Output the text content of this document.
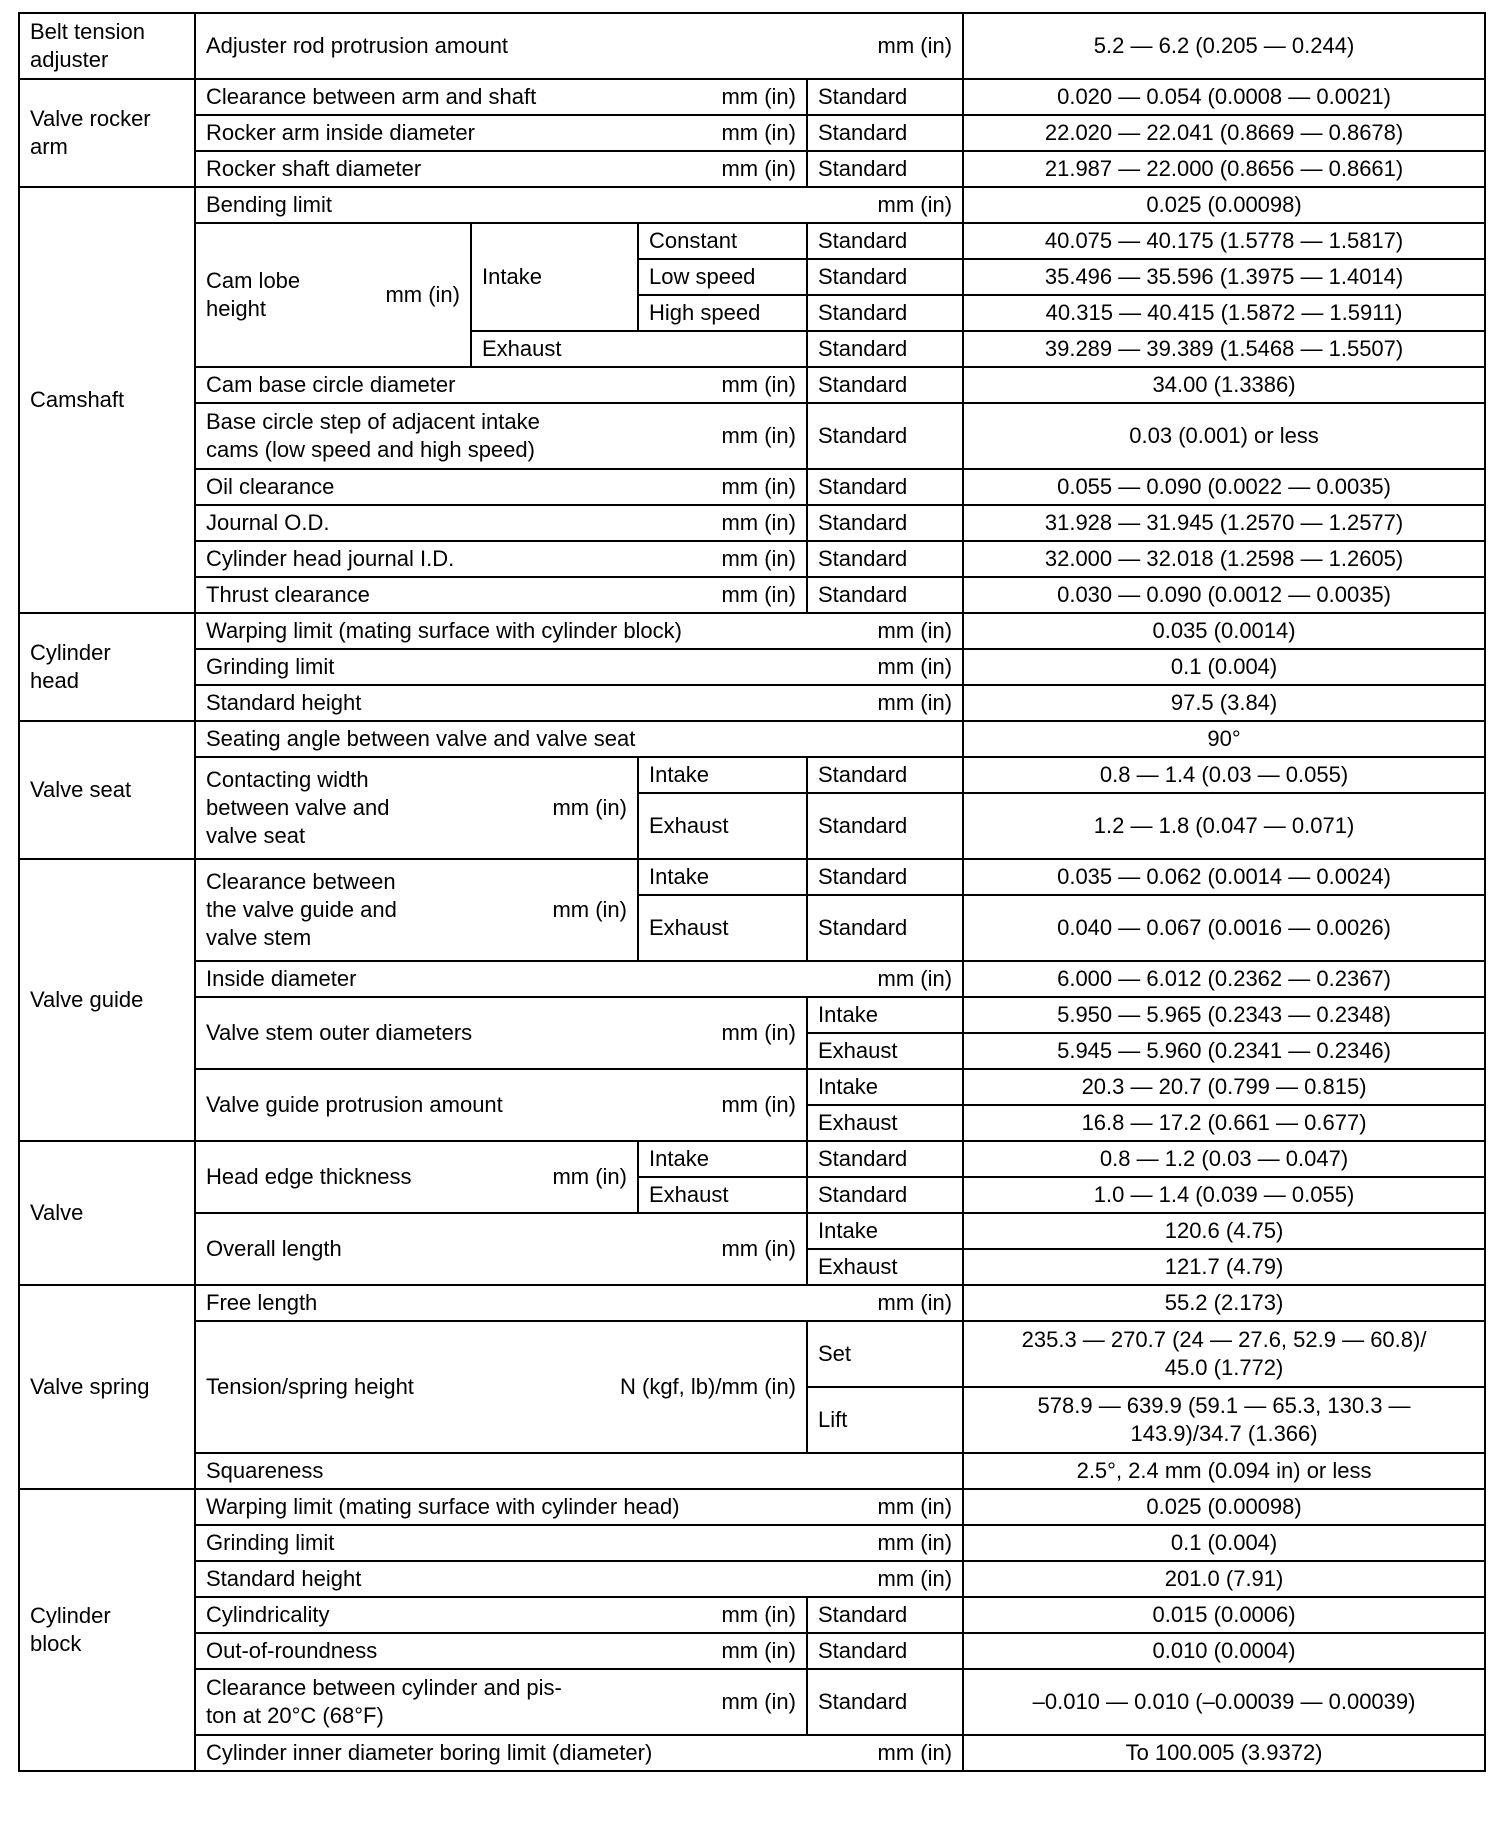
Belt tension
adjuster	Adjuster rod protrusion amount mm (in)				5.2 — 6.2 (0.205 — 0.244)
Valve rocker
arm	Clearance between arm and shaft mm (in)			Standard	0.020 — 0.054 (0.0008 — 0.0021)

	Rocker arm inside diameter mm (in)			Standard	22.020 — 22.041 (0.8669 — 0.8678)

	Rocker shaft diameter mm (in)			Standard	21.987 — 22.000 (0.8656 — 0.8661)
Camshaft	Bending limit mm (in)				0.025 (0.00098)

	Cam lobe
height
mm (in)	Intake	Constant	Standard	40.075 — 40.175 (1.5778 — 1.5817)
			Low speed	Standard	35.496 — 35.596 (1.3975 — 1.4014)
			High speed	Standard	40.315 — 40.415 (1.5872 — 1.5911)
		Exhaust		Standard	39.289 — 39.389 (1.5468 — 1.5507)

	Cam base circle diameter mm (in)			Standard	34.00 (1.3386)

	Base circle step of adjacent intake
cams (low speed and high speed)
mm (in)			Standard	0.03 (0.001) or less

	Oil clearance mm (in)			Standard	0.055 — 0.090 (0.0022 — 0.0035)

	Journal O.D. mm (in)			Standard	31.928 — 31.945 (1.2570 — 1.2577)

	Cylinder head journal I.D. mm (in)			Standard	32.000 — 32.018 (1.2598 — 1.2605)

	Thrust clearance mm (in)			Standard	0.030 — 0.090 (0.0012 — 0.0035)
Cylinder
head	Warping limit (mating surface with cylinder block) mm (in)				0.035 (0.0014)

	Grinding limit mm (in)				0.1 (0.004)

	Standard height mm (in)				97.5 (3.84)
Valve seat	Seating angle between valve and valve seat				90°

	Contacting width
between valve and
valve seat
mm (in)		Intake	Standard	0.8 — 1.4 (0.03 — 0.055)
			Exhaust	Standard	1.2 — 1.8 (0.047 — 0.071)
Valve guide	Clearance between
the valve guide and
valve stem
mm (in)		Intake	Standard	0.035 — 0.062 (0.0014 — 0.0024)
			Exhaust	Standard	0.040 — 0.067 (0.0016 — 0.0026)

	Inside diameter mm (in)				6.000 — 6.012 (0.2362 — 0.2367)

	Valve stem outer diameters mm (in)			Intake	5.950 — 5.965 (0.2343 — 0.2348)
				Exhaust	5.945 — 5.960 (0.2341 — 0.2346)

	Valve guide protrusion amount mm (in)			Intake	20.3 — 20.7 (0.799 — 0.815)
				Exhaust	16.8 — 17.2 (0.661 — 0.677)
Valve	Head edge thickness mm (in)		Intake	Standard	0.8 — 1.2 (0.03 — 0.047)
			Exhaust	Standard	1.0 — 1.4 (0.039 — 0.055)

	Overall length mm (in)			Intake	120.6 (4.75)
				Exhaust	121.7 (4.79)
Valve spring	Free length mm (in)				55.2 (2.173)

	Tension/spring height N (kgf, lb)/mm (in)			Set	235.3 — 270.7 (24 — 27.6, 52.9 — 60.8)/
45.0 (1.772)
				Lift	578.9 — 639.9 (59.1 — 65.3, 130.3 —
143.9)/34.7 (1.366)
	Squareness				2.5°, 2.4 mm (0.094 in) or less
Cylinder
block	Warping limit (mating surface with cylinder head) mm (in)				0.025 (0.00098)

	Grinding limit mm (in)				0.1 (0.004)

	Standard height mm (in)				201.0 (7.91)

	Cylindricality mm (in)			Standard	0.015 (0.0006)

	Out-of-roundness mm (in)			Standard	0.010 (0.0004)

	Clearance between cylinder and pis-
ton at 20°C (68°F)
mm (in)			Standard	–0.010 — 0.010 (–0.00039 — 0.00039)

	Cylinder inner diameter boring limit (diameter) mm (in)				To 100.005 (3.9372)
